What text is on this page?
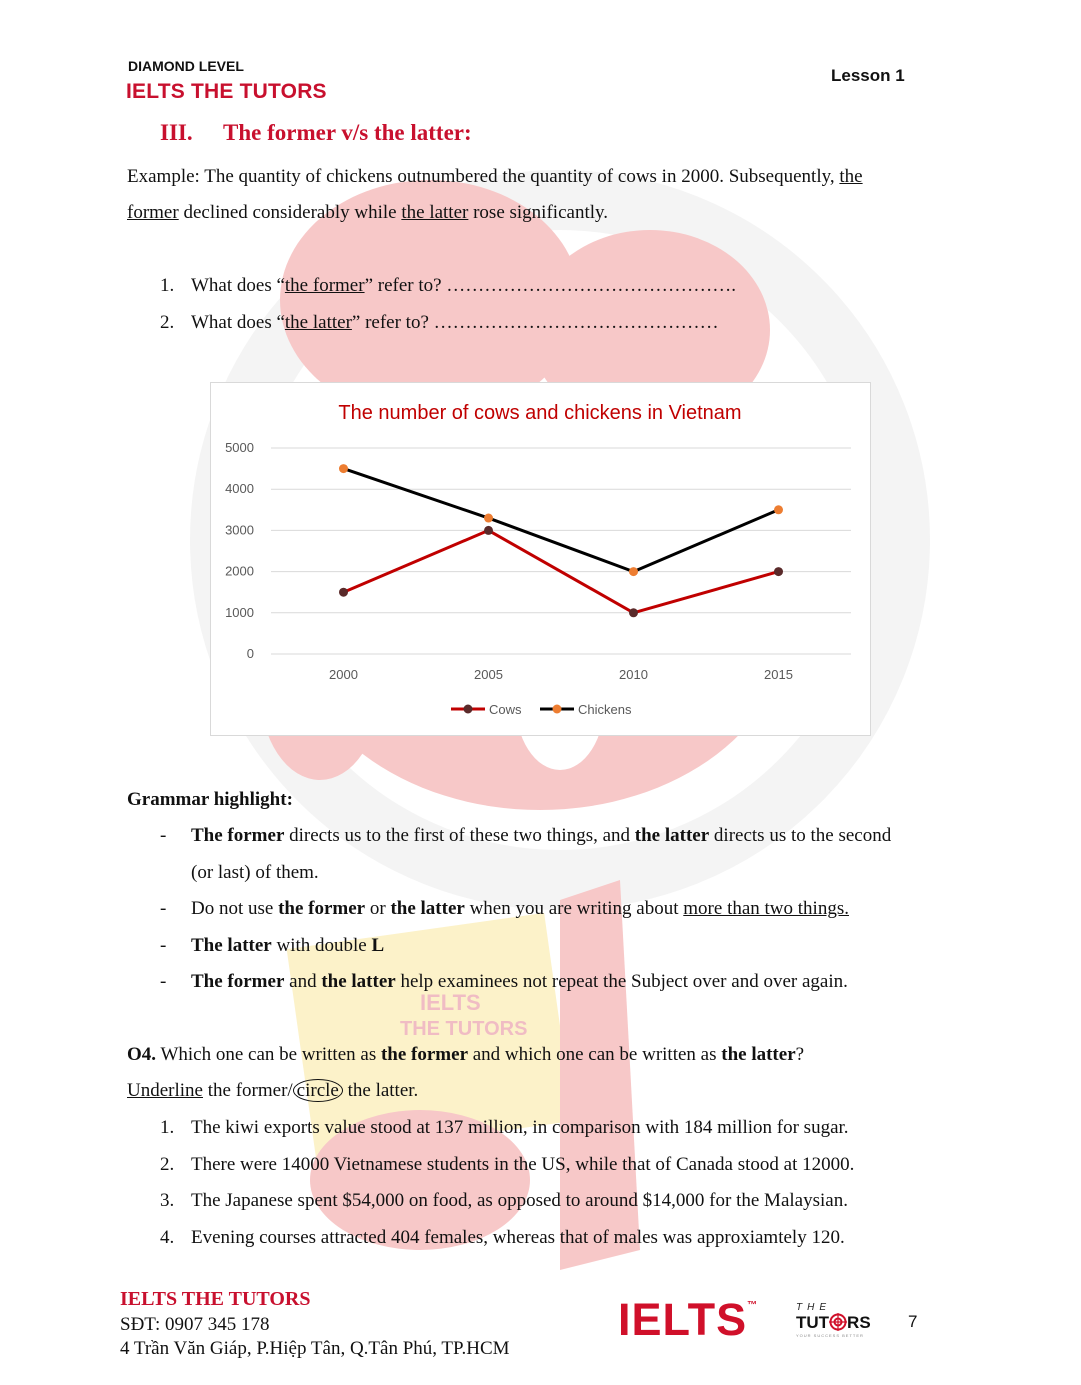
IELTS
THE TUTORS
DIAMOND LEVEL
IELTS THE TUTORS
Lesson 1
III. The former v/s the latter:
Example: The quantity of chickens outnumbered the quantity of cows in 2000. Subsequently, the
former declined considerably while the latter rose significantly.
1. What does “the former” refer to? ……………………………………….
2. What does “the latter” refer to? ………………………………………
The number of cows and chickens in Vietnam
0
1000
2000
3000
4000
5000
2000	2005	2010	2015
Cows	Chickens
Grammar highlight:
- The former directs us to the first of these two things, and the latter directs us to the second
(or last) of them.
- Do not use the former or the latter when you are writing about more than two things.
- The latter with double L
- The former and the latter help examinees not repeat the Subject over and over again.
O4. Which one can be written as the former and which one can be written as the latter?
Underline the former/ circle the latter.
1. The kiwi exports value stood at 137 million, in comparison with 184 million for sugar.
2. There were 14000 Vietnamese students in the US, while that of Canada stood at 12000.
3. The Japanese spent $54,000 on food, as opposed to around $14,000 for the Malaysian.
4. Evening courses attracted 404 females, whereas that of males was approxiamtely 120.
IELTS THE TUTORS
SĐT: 0907 345 178
4 Trần Văn Giáp, P.Hiệp Tân, Q.Tân Phú, TP.HCM
IELTS™	THE
TUT RS
YOUR SUCCESS BETTER
7
